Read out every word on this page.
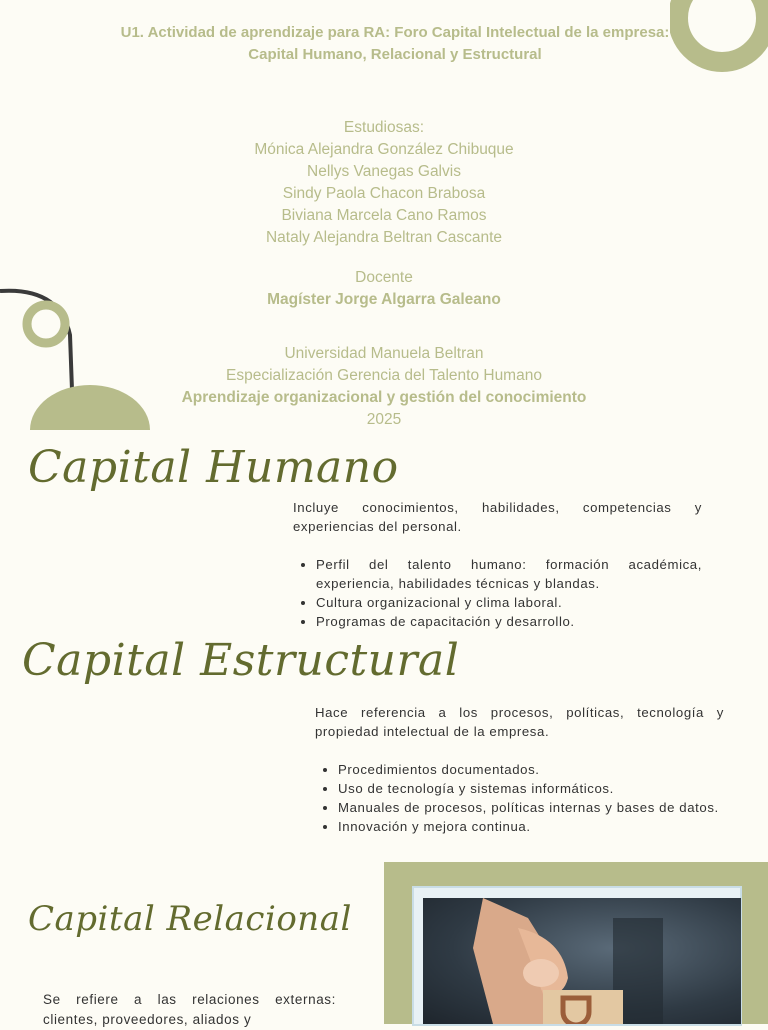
U1. Actividad de aprendizaje para RA: Foro Capital Intelectual de la empresa: Capital Humano, Relacional y Estructural
Estudiosas:
Mónica Alejandra González Chibuque
Nellys Vanegas Galvis
Sindy Paola Chacon Brabosa
Biviana Marcela Cano Ramos
Nataly Alejandra Beltran Cascante
Docente
Magíster Jorge Algarra Galeano
Universidad Manuela Beltran
Especialización Gerencia del Talento Humano
Aprendizaje organizacional y gestión del conocimiento
2025
Capital Humano
Incluye conocimientos, habilidades, competencias y experiencias del personal.
• Perfil del talento humano: formación académica, experiencia, habilidades técnicas y blandas.
• Cultura organizacional y clima laboral.
• Programas de capacitación y desarrollo.
Capital Estructural
Hace referencia a los procesos, políticas, tecnología y propiedad intelectual de la empresa.
• Procedimientos documentados.
• Uso de tecnología y sistemas informáticos.
• Manuales de procesos, políticas internas y bases de datos.
• Innovación y mejora continua.
Capital Relacional
Se refiere a las relaciones externas: clientes, proveedores, aliados y
